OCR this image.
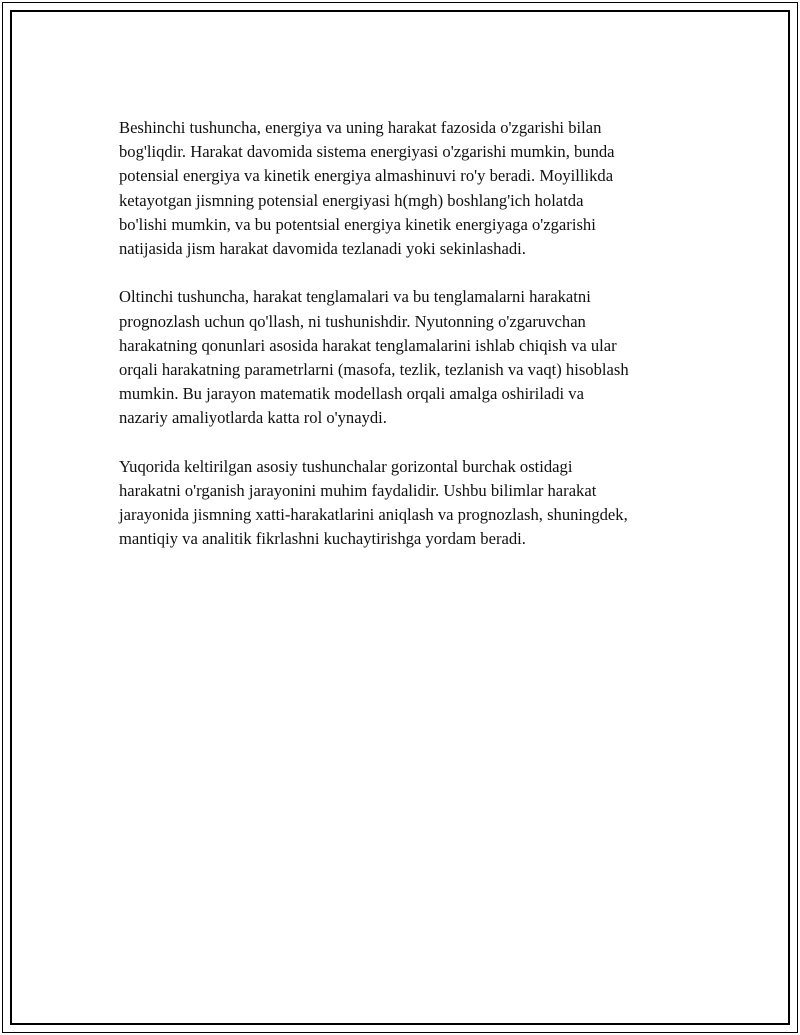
Beshinchi tushuncha, energiya va uning harakat fazosida o'zgarishi bilan
bog'liqdir. Harakat davomida sistema energiyasi o'zgarishi mumkin, bunda
potensial energiya va kinetik energiya almashinuvi ro'y beradi. Moyillikda
ketayotgan jismning potensial energiyasi h(mgh) boshlang'ich holatda
bo'lishi mumkin, va bu potentsial energiya kinetik energiyaga o'zgarishi
natijasida jism harakat davomida tezlanadi yoki sekinlashadi.

Oltinchi tushuncha, harakat tenglamalari va bu tenglamalarni harakatni
prognozlash uchun qo'llash, ni tushunishdir. Nyutonning o'zgaruvchan
harakatning qonunlari asosida harakat tenglamalarini ishlab chiqish va ular
orqali harakatning parametrlarni (masofa, tezlik, tezlanish va vaqt) hisoblash
mumkin. Bu jarayon matematik modellash orqali amalga oshiriladi va
nazariy amaliyotlarda katta rol o'ynaydi.

Yuqorida keltirilgan asosiy tushunchalar gorizontal burchak ostidagi
harakatni o'rganish jarayonini muhim faydalidir. Ushbu bilimlar harakat
jarayonida jismning xatti-harakatlarini aniqlash va prognozlash, shuningdek,
mantiqiy va analitik fikrlashni kuchaytirishga yordam beradi.
